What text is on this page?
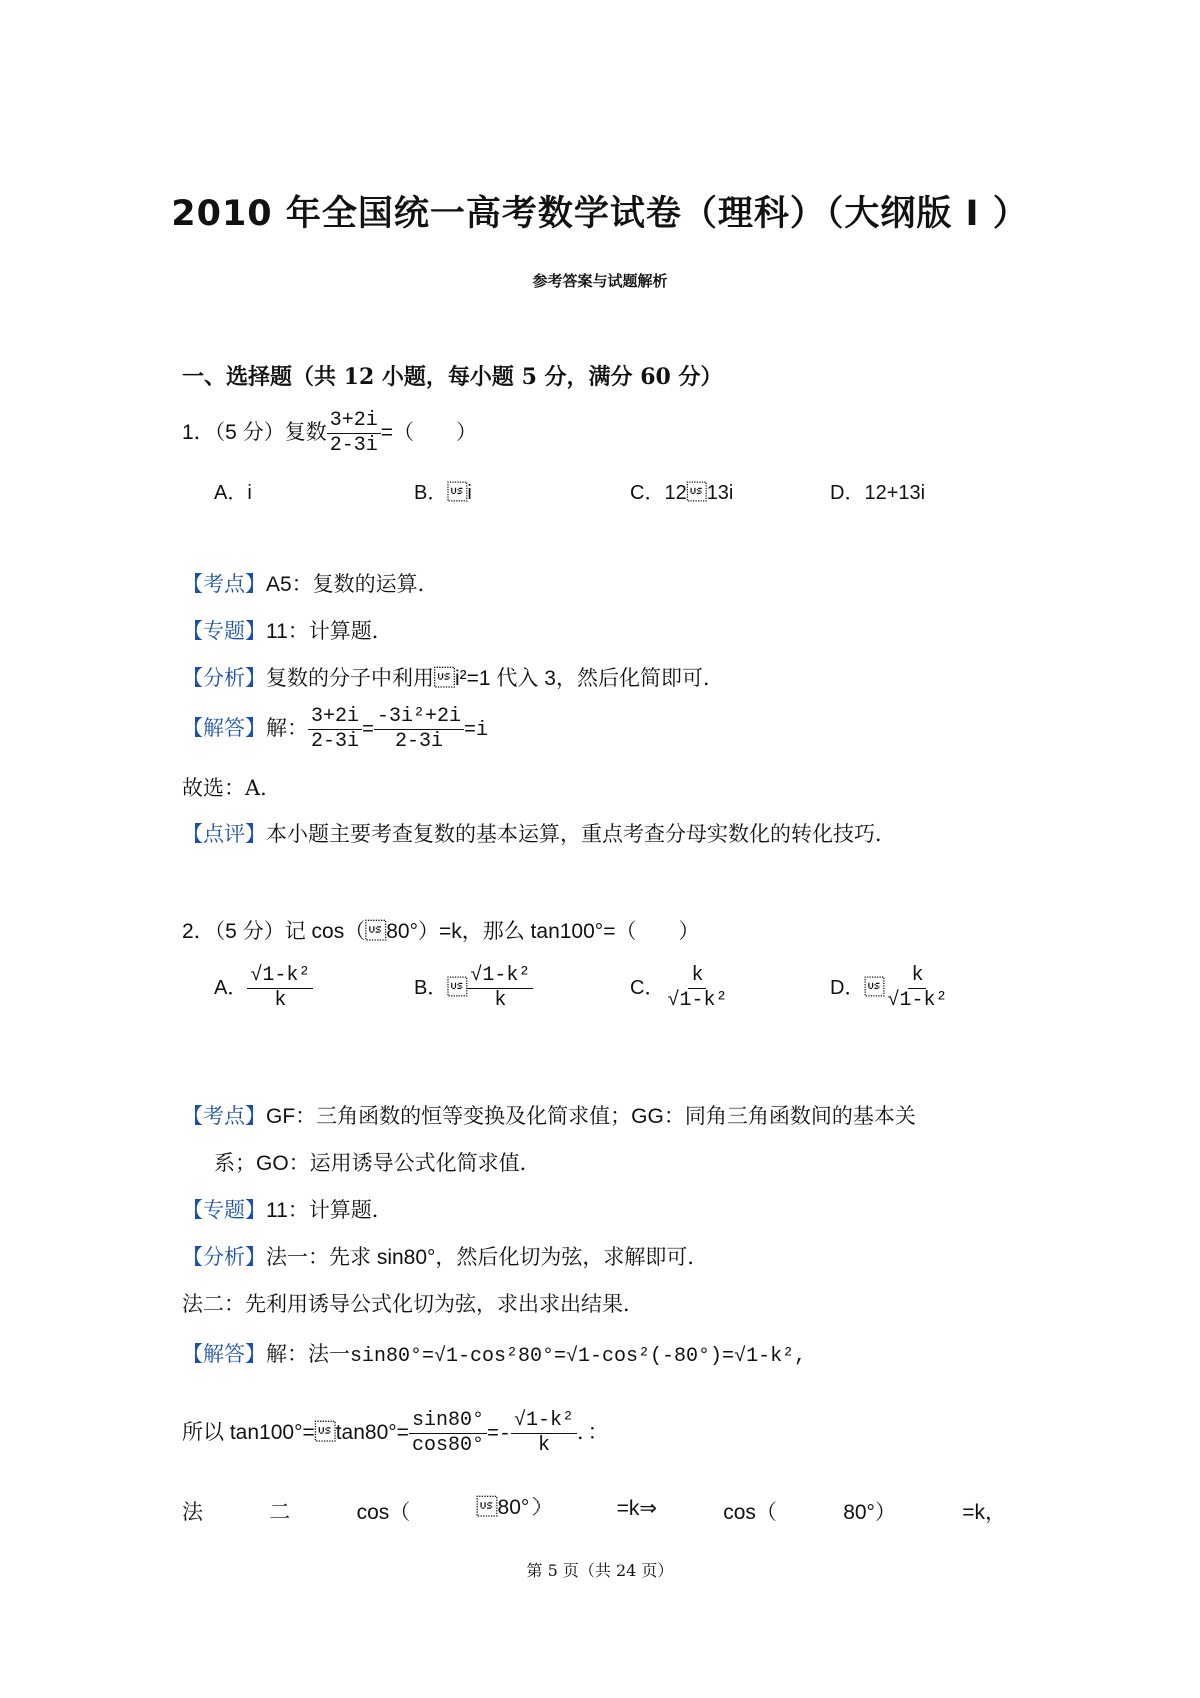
2010 年全国统一高考数学试卷（理科）（大纲版 I ）
参考答案与试题解析
一、选择题（共 12 小题，每小题 5 分，满分 60 分）
1．（5 分）复数 $\frac{3+2i}{2-3i}$ =（　　）
A．i	B．i	C．1213i	D．12+13i
【考点】A5：复数的运算．
【专题】11：计算题．
【分析】复数的分子中利用i²=1 代入 3，然后化简即可．
【解答】解： $\frac{3+2i}{2-3i} = \frac{\text{-3i²+2i}}{2-3i} =i$
故选：A．
【点评】本小题主要考查复数的基本运算，重点考查分母实数化的转化技巧．
2．（5 分）记 cos（80°）=k，那么 tan100°=（　　）
A． $\frac{\text{√1-k²}}{k}$	B． $\frac{\text{√1-k²}}{k}$	C． $\frac{k}{\text{√1-k²}}$	D． $\frac{k}{\text{√1-k²}}$
【考点】GF：三角函数的恒等变换及化简求值；GG：同角三角函数间的基本关
系；GO：运用诱导公式化简求值．
【专题】11：计算题．
【分析】法一：先求 sin80°，然后化切为弦，求解即可．
法二：先利用诱导公式化切为弦，求出求出结果．
【解答】解：法一sin80°=√1-cos²80°=√1-cos²(-80°)=√1-k²,
所以 tan100°=$\tan 80^\circ= \frac{\sin 80^\circ}{\cos 80^\circ} =- \frac{\text{√1-k²}}{k}$ ．：
法	二	cos（	80°）	=k⇒	cos（	80°）	=k，
第 5 页（共 24 页）
